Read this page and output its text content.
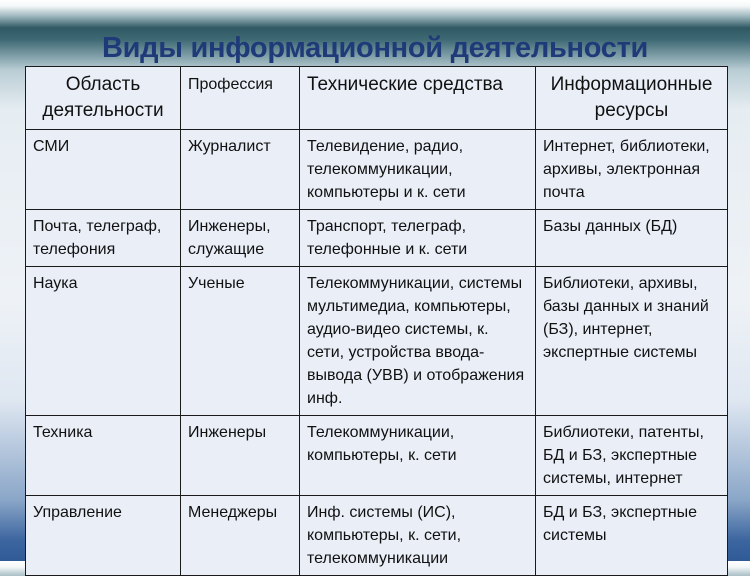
Виды информационной деятельности
Область деятельности	Профессия	Технические средства	Информационные ресурсы
СМИ	Журналист	Телевидение, радио, телекоммуникации, компьютеры и к. сети	Интернет, библиотеки, архивы, электронная почта
Почта, телеграф, телефония	Инженеры, служащие	Транспорт, телеграф, телефонные и к. сети	Базы данных (БД)
Наука	Ученые	Телекоммуникации, системы мультимедиа, компьютеры, аудио-видео системы, к. сети, устройства ввода-вывода (УВВ) и отображения инф.	Библиотеки, архивы, базы данных и знаний (БЗ), интернет, экспертные системы
Техника	Инженеры	Телекоммуникации, компьютеры, к. сети	Библиотеки, патенты, БД и БЗ, экспертные системы, интернет
Управление	Менеджеры	Инф. системы (ИС), компьютеры, к. сети, телекоммуникации	БД и БЗ, экспертные системы
